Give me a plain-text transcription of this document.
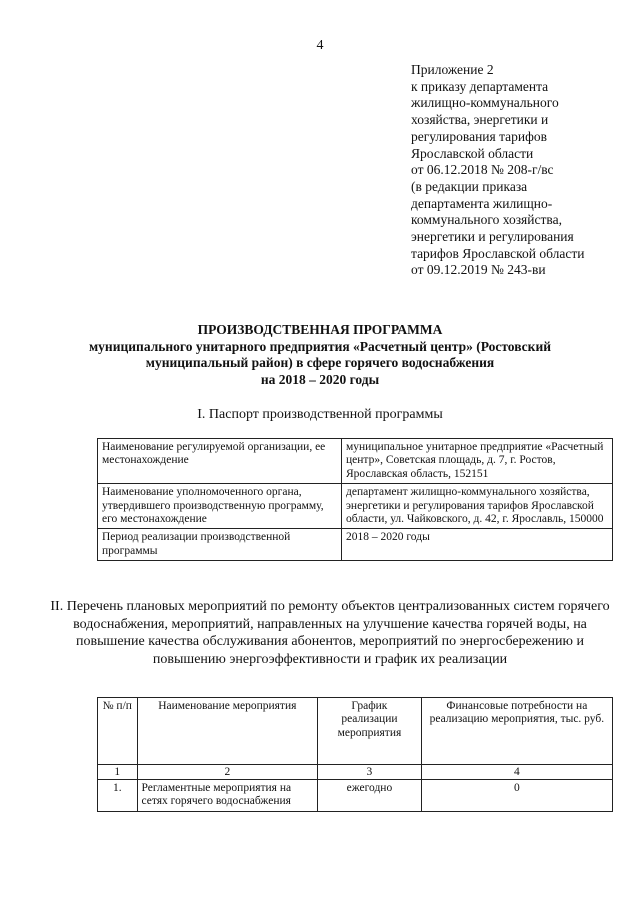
4
Приложение 2
к приказу департамента
жилищно-коммунального
хозяйства, энергетики и
регулирования тарифов
Ярославской области
от 06.12.2018 № 208-г/вс
(в редакции приказа
департамента жилищно-
коммунального хозяйства,
энергетики и регулирования
тарифов Ярославской области
от 09.12.2019 № 243-ви
ПРОИЗВОДСТВЕННАЯ ПРОГРАММА
муниципального унитарного предприятия «Расчетный центр» (Ростовский
муниципальный район) в сфере горячего водоснабжения
на 2018 – 2020 годы
I. Паспорт производственной программы
Наименование регулируемой организации, ее местонахождение	муниципальное унитарное предприятие «Расчетный центр», Советская площадь, д. 7, г. Ростов, Ярославская область, 152151
Наименование уполномоченного органа, утвердившего производственную программу, его местонахождение	департамент жилищно-коммунального хозяйства, энергетики и регулирования тарифов Ярославской области, ул. Чайковского, д. 42, г. Ярославль, 150000
Период реализации производственной программы	2018 – 2020 годы
II. Перечень плановых мероприятий по ремонту объектов централизованных систем горячего водоснабжения, мероприятий, направленных на улучшение качества горячей воды, на повышение качества обслуживания абонентов, мероприятий по энергосбережению и повышению энергоэффективности и график их реализации
№ п/п	Наименование мероприятия	График реализации мероприятия	Финансовые потребности на реализацию мероприятия, тыс. руб.
1	2	3	4
1.	Регламентные мероприятия на сетях горячего водоснабжения	ежегодно	0
